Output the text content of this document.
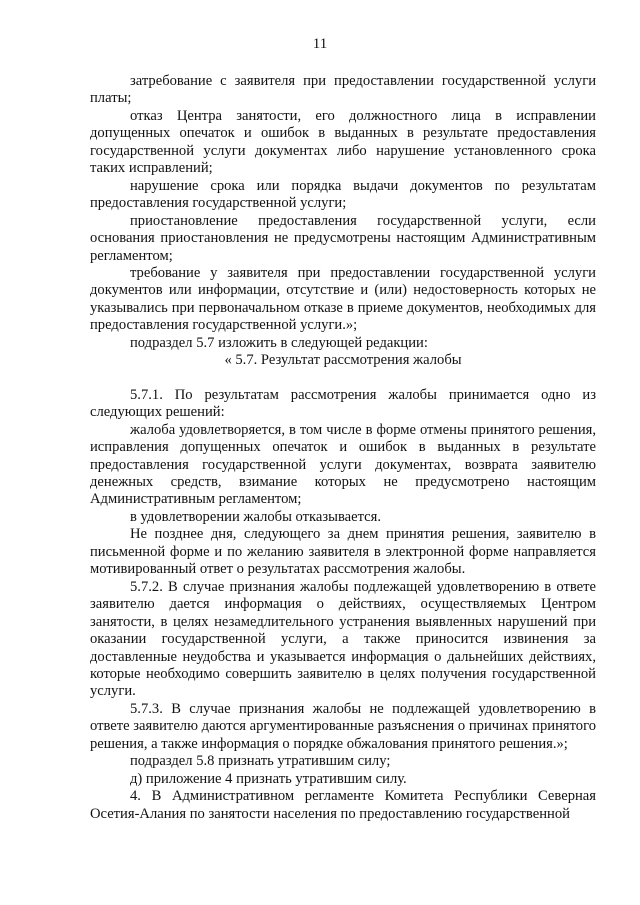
11

затребование с заявителя при предоставлении государственной услуги платы;

отказ Центра занятости, его должностного лица в исправлении допущенных опечаток и ошибок в выданных в результате предоставления государственной услуги документах либо нарушение установленного срока таких исправлений;

нарушение срока или порядка выдачи документов по результатам предоставления государственной услуги;

приостановление предоставления государственной услуги, если основания приостановления не предусмотрены настоящим Административным регламентом;

требование у заявителя при предоставлении государственной услуги документов или информации, отсутствие и (или) недостоверность которых не указывались при первоначальном отказе в приеме документов, необходимых для предоставления государственной услуги.»;

подраздел 5.7 изложить в следующей редакции:

« 5.7. Результат рассмотрения жалобы

5.7.1. По результатам рассмотрения жалобы принимается одно из следующих решений:

жалоба удовлетворяется, в том числе в форме отмены принятого решения, исправления допущенных опечаток и ошибок в выданных в результате предоставления государственной услуги документах, возврата заявителю денежных средств, взимание которых не предусмотрено настоящим Административным регламентом;

в удовлетворении жалобы отказывается.

Не позднее дня, следующего за днем принятия решения, заявителю в письменной форме и по желанию заявителя в электронной форме направляется мотивированный ответ о результатах рассмотрения жалобы.

5.7.2. В случае признания жалобы подлежащей удовлетворению в ответе заявителю дается информация о действиях, осуществляемых Центром занятости, в целях незамедлительного устранения выявленных нарушений при оказании государственной услуги, а также приносится извинения за доставленные неудобства и указывается информация о дальнейших действиях, которые необходимо совершить заявителю в целях получения государственной услуги.

5.7.3. В случае признания жалобы не подлежащей удовлетворению в ответе заявителю даются аргументированные разъяснения о причинах принятого решения, а также информация о порядке обжалования принятого решения.»;

подраздел 5.8 признать утратившим силу;

д) приложение 4 признать утратившим силу.

4. В Административном регламенте Комитета Республики Северная Осетия-Алания по занятости населения по предоставлению государственной
